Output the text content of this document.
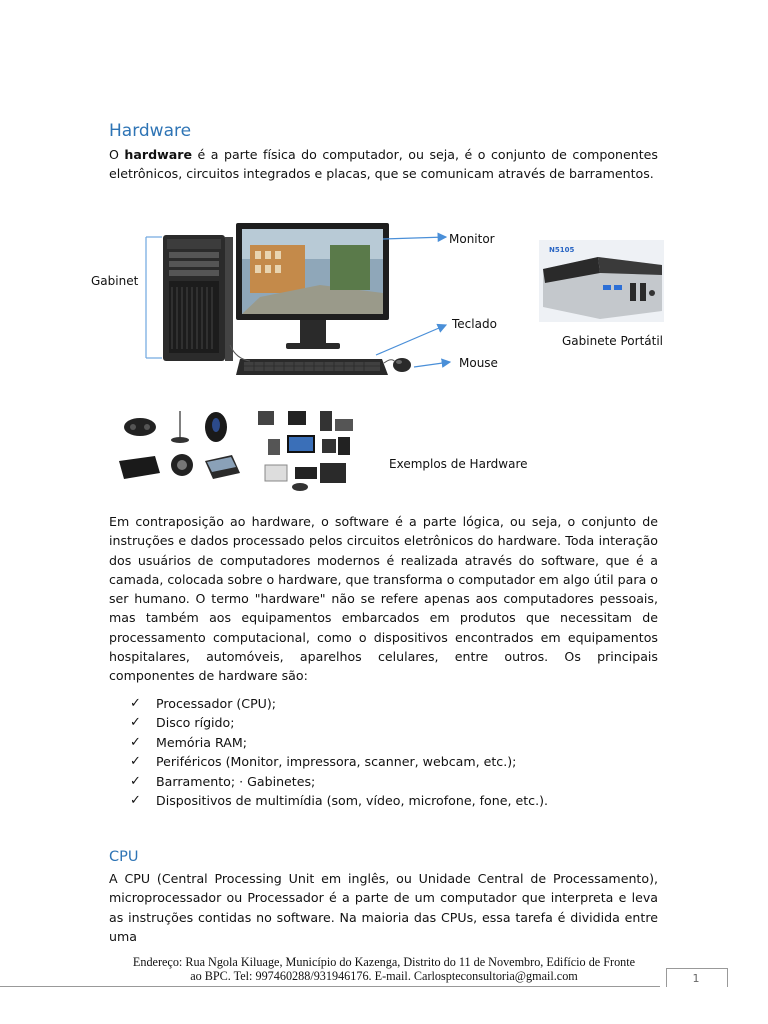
Hardware
O hardware é a parte física do computador, ou seja, é o conjunto de componentes eletrônicos, circuitos integrados e placas, que se comunicam através de barramentos.
Gabinet
Monitor
Teclado
Mouse
Gabinete Portátil
Exemplos de Hardware
N5105
Em contraposição ao hardware, o software é a parte lógica, ou seja, o conjunto de instruções e dados processado pelos circuitos eletrônicos do hardware. Toda interação dos usuários de computadores modernos é realizada através do software, que é a camada, colocada sobre o hardware, que transforma o computador em algo útil para o ser humano. O termo "hardware" não se refere apenas aos computadores pessoais, mas também aos equipamentos embarcados em produtos que necessitam de processamento computacional, como o dispositivos encontrados em equipamentos hospitalares, automóveis, aparelhos celulares, entre outros. Os principais componentes de hardware são:
✓ Processador (CPU);
✓ Disco rígido;
✓ Memória RAM;
✓ Periféricos (Monitor, impressora, scanner, webcam, etc.);
✓ Barramento; · Gabinetes;
✓ Dispositivos de multimídia (som, vídeo, microfone, fone, etc.).
CPU
A CPU (Central Processing Unit em inglês, ou Unidade Central de Processamento), microprocessador ou Processador é a parte de um computador que interpreta e leva as instruções contidas no software. Na maioria das CPUs, essa tarefa é dividida entre uma
Endereço: Rua Ngola Kiluage, Município do Kazenga, Distrito do 11 de Novembro, Edifício de Fronte
ao BPC. Tel: 997460288/931946176. E-mail. Carlospteconsultoria@gmail.com	1
